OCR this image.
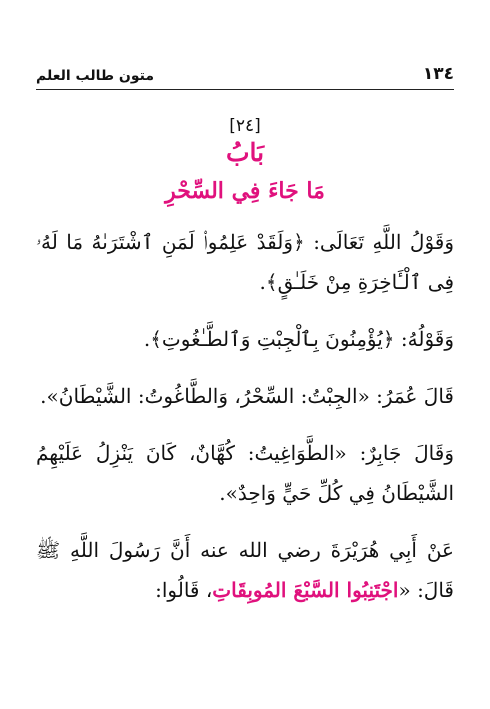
١٣٤
متون طالب العلم
[٢٤]
بَابُ
مَا جَاءَ فِي السِّحْرِ

وَقَوْلُ اللَّهِ تَعَالَى: ﴿وَلَقَدْ عَلِمُوا۟ لَمَنِ ٱشْتَرَىٰهُ مَا لَهُۥ فِى ٱلْـَٔاخِرَةِ مِنْ خَلَـٰقٍ﴾.

وَقَوْلُهُ: ﴿يُؤْمِنُونَ بِٱلْجِبْتِ وَٱلطَّـٰغُوتِ﴾.

قَالَ عُمَرُ: «الجِبْتُ: السِّحْرُ، وَالطَّاغُوتُ: الشَّيْطَانُ».

وَقَالَ جَابِرٌ: «الطَّوَاغِيتُ: كُهَّانٌ، كَانَ يَنْزِلُ عَلَيْهِمُ الشَّيْطَانُ فِي كُلِّ حَيٍّ وَاحِدٌ».

عَنْ أَبِي هُرَيْرَةَ رضي الله عنه أَنَّ رَسُولَ اللَّهِ ﷺ قَالَ: «اجْتَنِبُوا السَّبْعَ المُوبِقَاتِ، قَالُوا:
